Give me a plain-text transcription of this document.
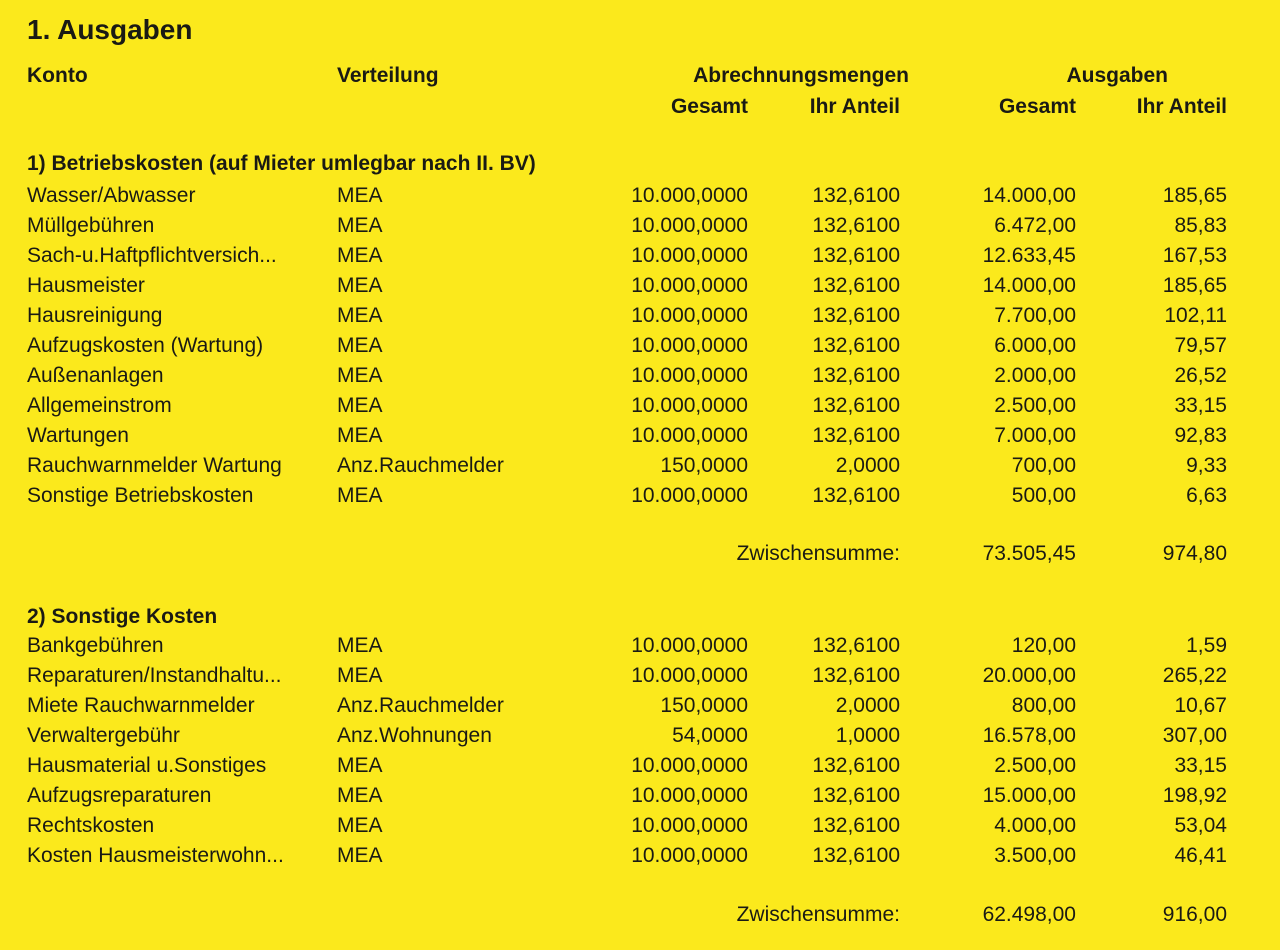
1. Ausgaben
Konto	Verteilung	Abrechnungsmengen	Ausgaben
Gesamt	Ihr Anteil	Gesamt	Ihr Anteil
1) Betriebskosten (auf Mieter umlegbar nach II. BV)
Wasser/Abwasser	MEA	10.000,0000	132,6100	14.000,00	185,65
Müllgebühren	MEA	10.000,0000	132,6100	6.472,00	85,83
Sach-u.Haftpflichtversich...	MEA	10.000,0000	132,6100	12.633,45	167,53
Hausmeister	MEA	10.000,0000	132,6100	14.000,00	185,65
Hausreinigung	MEA	10.000,0000	132,6100	7.700,00	102,11
Aufzugskosten (Wartung)	MEA	10.000,0000	132,6100	6.000,00	79,57
Außenanlagen	MEA	10.000,0000	132,6100	2.000,00	26,52
Allgemeinstrom	MEA	10.000,0000	132,6100	2.500,00	33,15
Wartungen	MEA	10.000,0000	132,6100	7.000,00	92,83
Rauchwarnmelder Wartung	Anz.Rauchmelder	150,0000	2,0000	700,00	9,33
Sonstige Betriebskosten	MEA	10.000,0000	132,6100	500,00	6,63
Zwischensumme:	73.505,45	974,80
2) Sonstige Kosten
Bankgebühren	MEA	10.000,0000	132,6100	120,00	1,59
Reparaturen/Instandhaltu...	MEA	10.000,0000	132,6100	20.000,00	265,22
Miete Rauchwarnmelder	Anz.Rauchmelder	150,0000	2,0000	800,00	10,67
Verwaltergebühr	Anz.Wohnungen	54,0000	1,0000	16.578,00	307,00
Hausmaterial u.Sonstiges	MEA	10.000,0000	132,6100	2.500,00	33,15
Aufzugsreparaturen	MEA	10.000,0000	132,6100	15.000,00	198,92
Rechtskosten	MEA	10.000,0000	132,6100	4.000,00	53,04
Kosten Hausmeisterwohn...	MEA	10.000,0000	132,6100	3.500,00	46,41
Zwischensumme:	62.498,00	916,00
